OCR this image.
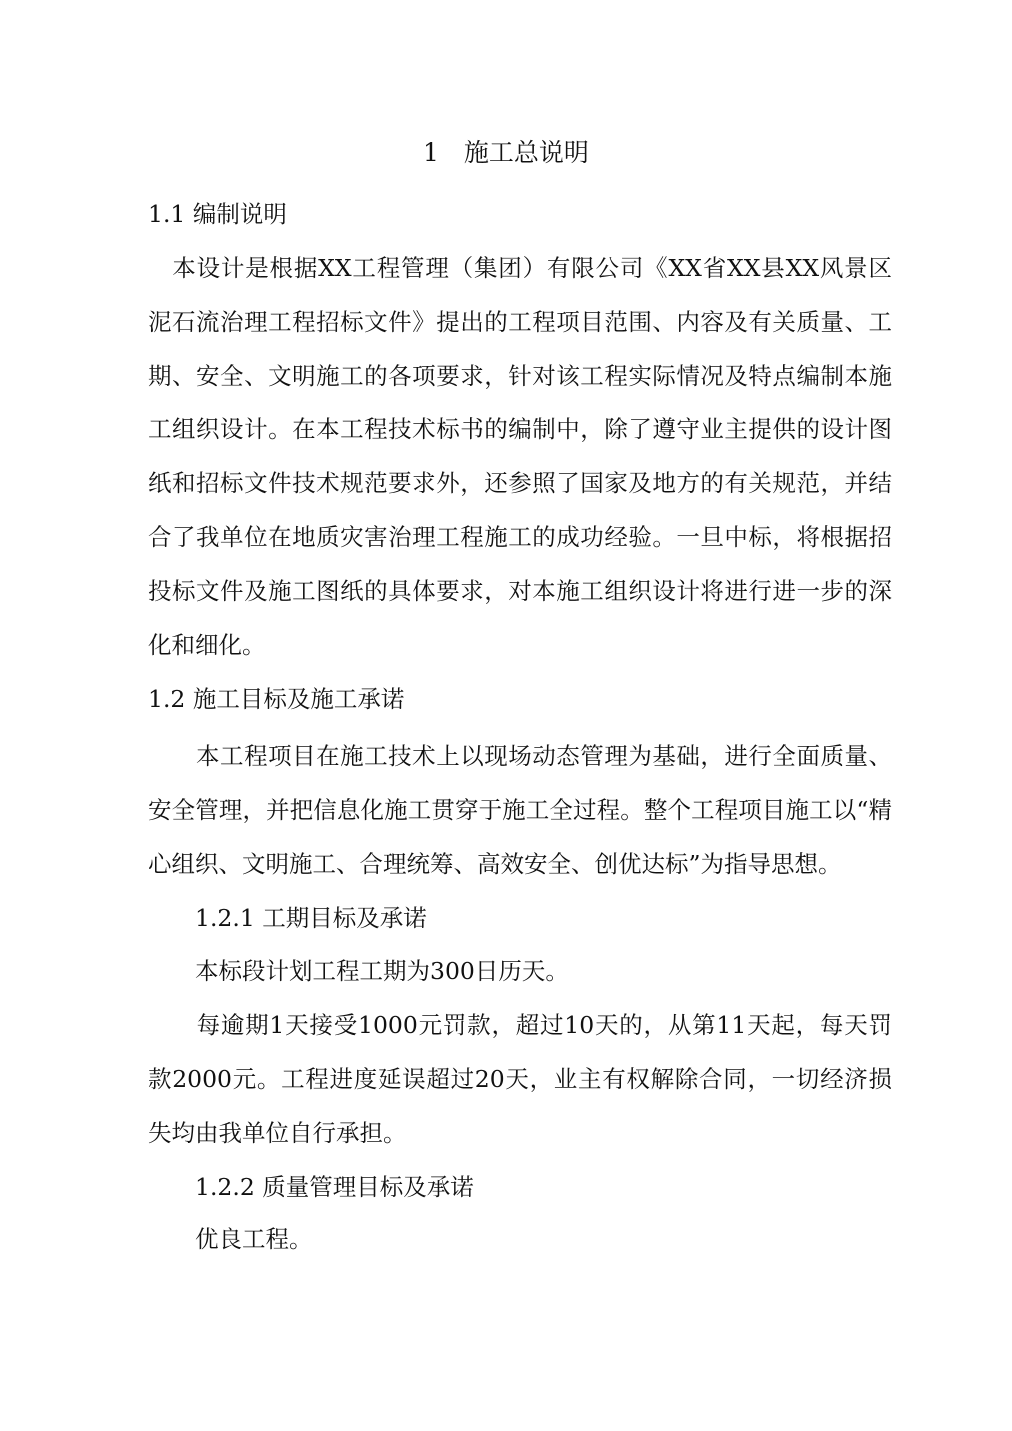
1　施工总说明

1.1 编制说明

　本设计是根据XX工程管理（集团）有限公司《XX省XX县XX风景区

泥石流治理工程招标文件》提出的工程项目范围、内容及有关质量、工

期、安全、文明施工的各项要求，针对该工程实际情况及特点编制本施

工组织设计。在本工程技术标书的编制中，除了遵守业主提供的设计图

纸和招标文件技术规范要求外，还参照了国家及地方的有关规范，并结

合了我单位在地质灾害治理工程施工的成功经验。一旦中标，将根据招

投标文件及施工图纸的具体要求，对本施工组织设计将进行进一步的深

化和细化。

1.2 施工目标及施工承诺

　　本工程项目在施工技术上以现场动态管理为基础，进行全面质量、

安全管理，并把信息化施工贯穿于施工全过程。整个工程项目施工以“精

心组织、文明施工、合理统筹、高效安全、创优达标”为指导思想。

　　1.2.1 工期目标及承诺

　　本标段计划工程工期为300日历天。

　　每逾期1天接受1000元罚款，超过10天的，从第11天起，每天罚

款2000元。工程进度延误超过20天，业主有权解除合同，一切经济损

失均由我单位自行承担。

　　1.2.2 质量管理目标及承诺

　　优良工程。
